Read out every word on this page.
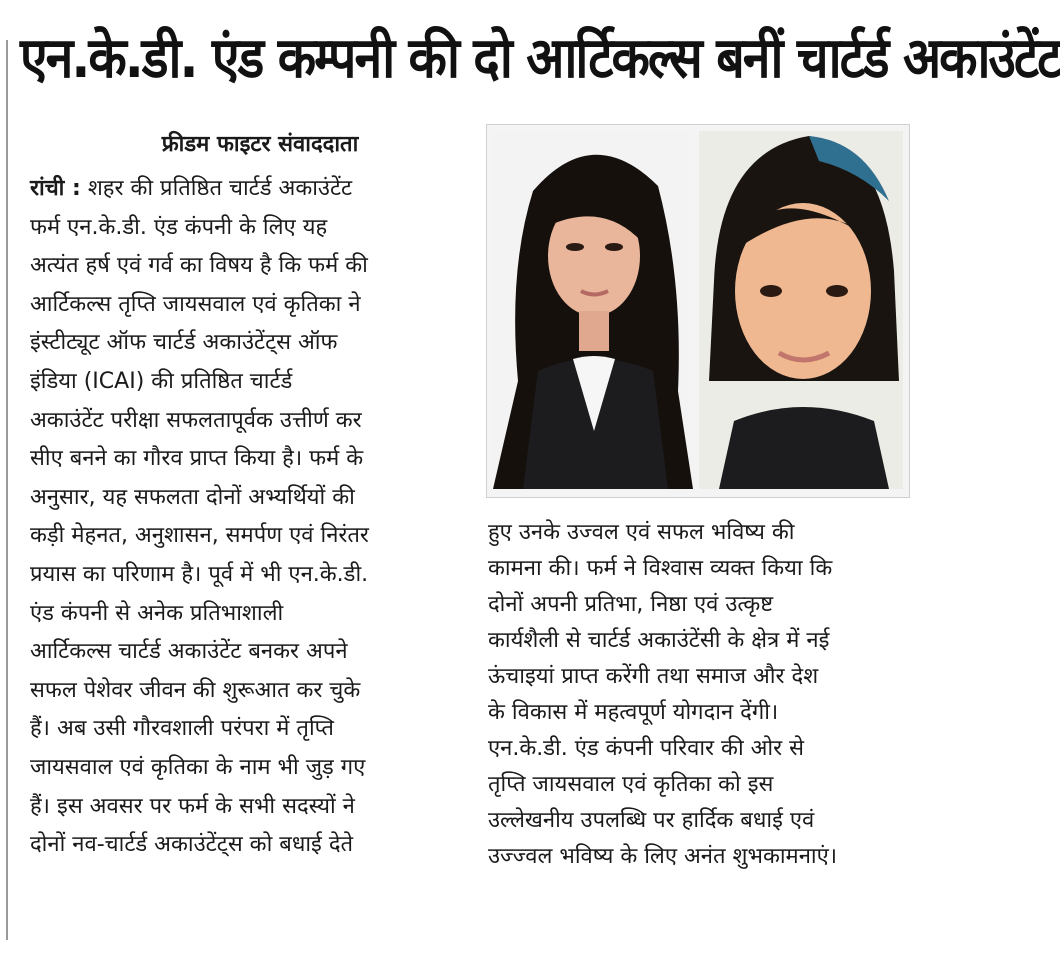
एन.के.डी. एंड कम्पनी की दो आर्टिकल्स बनीं चार्टर्ड अकाउंटेंट
फ्रीडम फाइटर संवाददाता
रांची : शहर की प्रतिष्ठित चार्टर्ड अकाउंटेंट
फर्म एन.के.डी. एंड कंपनी के लिए यह
अत्यंत हर्ष एवं गर्व का विषय है कि फर्म की
आर्टिकल्स तृप्ति जायसवाल एवं कृतिका ने
इंस्टीट्यूट ऑफ चार्टर्ड अकाउंटेंट्स ऑफ
इंडिया (ICAI) की प्रतिष्ठित चार्टर्ड
अकाउंटेंट परीक्षा सफलतापूर्वक उत्तीर्ण कर
सीए बनने का गौरव प्राप्त किया है। फर्म के
अनुसार, यह सफलता दोनों अभ्यर्थियों की
कड़ी मेहनत, अनुशासन, समर्पण एवं निरंतर
प्रयास का परिणाम है। पूर्व में भी एन.के.डी.
एंड कंपनी से अनेक प्रतिभाशाली
आर्टिकल्स चार्टर्ड अकाउंटेंट बनकर अपने
सफल पेशेवर जीवन की शुरूआत कर चुके
हैं। अब उसी गौरवशाली परंपरा में तृप्ति
जायसवाल एवं कृतिका के नाम भी जुड़ गए
हैं। इस अवसर पर फर्म के सभी सदस्यों ने
दोनों नव-चार्टर्ड अकाउंटेंट्स को बधाई देते
हुए उनके उज्वल एवं सफल भविष्य की
कामना की। फर्म ने विश्वास व्यक्त किया कि
दोनों अपनी प्रतिभा, निष्ठा एवं उत्कृष्ट
कार्यशैली से चार्टर्ड अकाउंटेंसी के क्षेत्र में नई
ऊंचाइयां प्राप्त करेंगी तथा समाज और देश
के विकास में महत्वपूर्ण योगदान देंगी।
एन.के.डी. एंड कंपनी परिवार की ओर से
तृप्ति जायसवाल एवं कृतिका को इस
उल्लेखनीय उपलब्धि पर हार्दिक बधाई एवं
उज्ज्वल भविष्य के लिए अनंत शुभकामनाएं।
